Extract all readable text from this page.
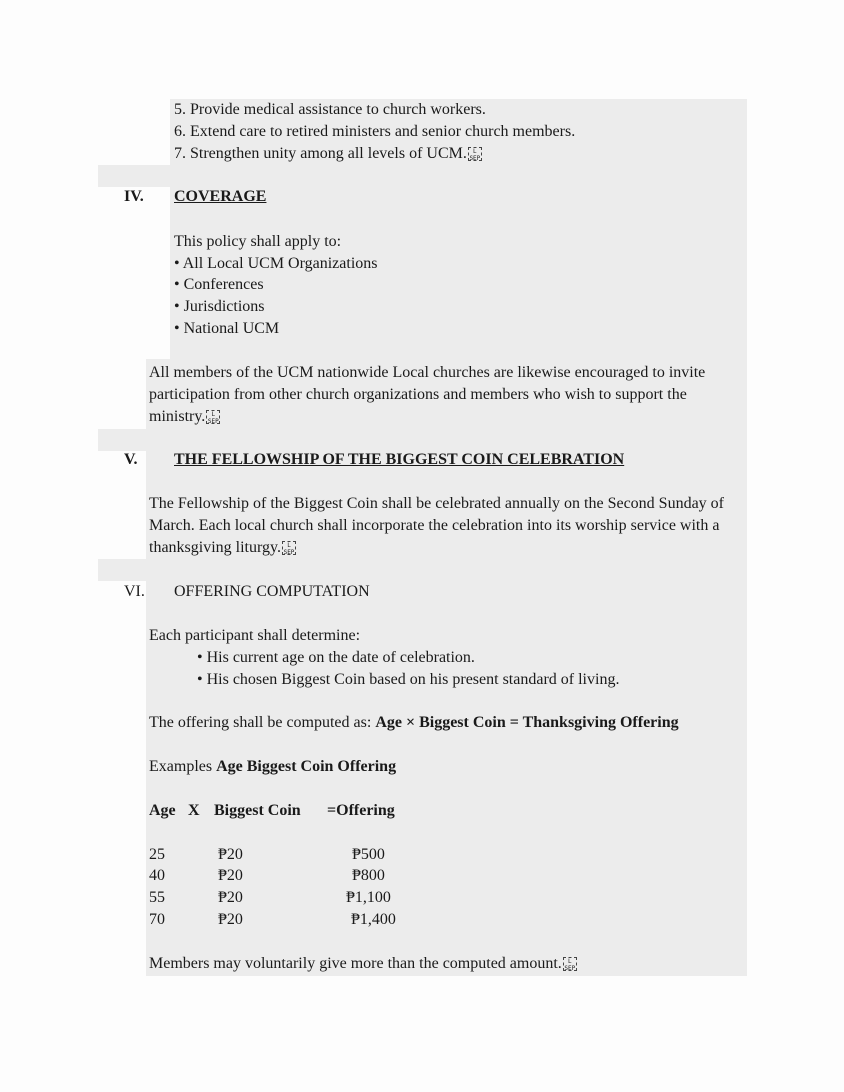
5. Provide medical assistance to church workers.
6. Extend care to retired ministers and senior church members.
7. Strengthen unity among all levels of UCM.	L
SEP
IV. COVERAGE
This policy shall apply to:
• All Local UCM Organizations
• Conferences
• Jurisdictions
• National UCM
All members of the UCM nationwide Local churches are likewise encouraged to invite
participation from other church organizations and members who wish to support the
ministry.	L
SEP
V. THE FELLOWSHIP OF THE BIGGEST COIN CELEBRATION
The Fellowship of the Biggest Coin shall be celebrated annually on the Second Sunday of
March. Each local church shall incorporate the celebration into its worship service with a
thanksgiving liturgy.	L
SEP
VI. OFFERING COMPUTATION
Each participant shall determine:
• His current age on the date of celebration.
• His chosen Biggest Coin based on his present standard of living.
The offering shall be computed as: Age × Biggest Coin = Thanksgiving Offering
Examples Age Biggest Coin Offering
Age X Biggest Coin =Offering
25	₱20	₱500
40	₱20	₱800
55	₱20	₱1,100
70	₱20	₱1,400
Members may voluntarily give more than the computed amount.	L
SEP
